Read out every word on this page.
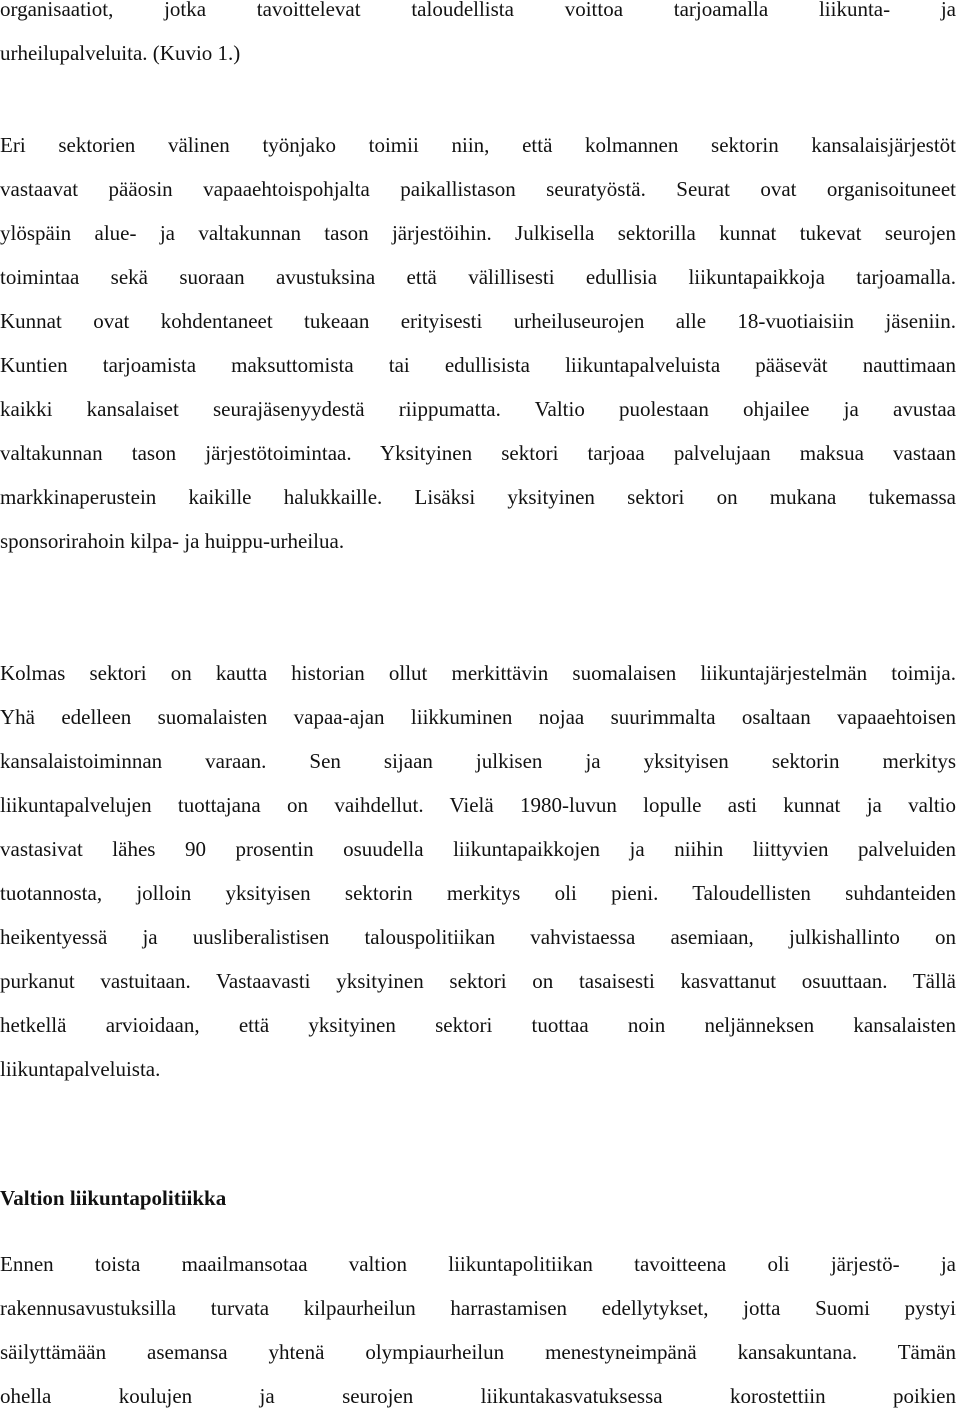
organisaatiot, jotka tavoittelevat taloudellista voittoa tarjoamalla liikunta- ja
urheilupalveluita. (Kuvio 1.)
Eri sektorien välinen työnjako toimii niin, että kolmannen sektorin kansalaisjärjestöt
vastaavat pääosin vapaaehtoispohjalta paikallistason seuratyöstä. Seurat ovat organisoituneet
ylöspäin alue- ja valtakunnan tason järjestöihin. Julkisella sektorilla kunnat tukevat seurojen
toimintaa sekä suoraan avustuksina että välillisesti edullisia liikuntapaikkoja tarjoamalla.
Kunnat ovat kohdentaneet tukeaan erityisesti urheiluseurojen alle 18-vuotiaisiin jäseniin.
Kuntien tarjoamista maksuttomista tai edullisista liikuntapalveluista pääsevät nauttimaan
kaikki kansalaiset seurajäsenyydestä riippumatta. Valtio puolestaan ohjailee ja avustaa
valtakunnan tason järjestötoimintaa. Yksityinen sektori tarjoaa palvelujaan maksua vastaan
markkinaperustein kaikille halukkaille. Lisäksi yksityinen sektori on mukana tukemassa
sponsorirahoin kilpa- ja huippu-urheilua.
Kolmas sektori on kautta historian ollut merkittävin suomalaisen liikuntajärjestelmän toimija.
Yhä edelleen suomalaisten vapaa-ajan liikkuminen nojaa suurimmalta osaltaan vapaaehtoisen
kansalaistoiminnan varaan. Sen sijaan julkisen ja yksityisen sektorin merkitys
liikuntapalvelujen tuottajana on vaihdellut. Vielä 1980-luvun lopulle asti kunnat ja valtio
vastasivat lähes 90 prosentin osuudella liikuntapaikkojen ja niihin liittyvien palveluiden
tuotannosta, jolloin yksityisen sektorin merkitys oli pieni. Taloudellisten suhdanteiden
heikentyessä ja uusliberalistisen talouspolitiikan vahvistaessa asemiaan, julkishallinto on
purkanut vastuitaan. Vastaavasti yksityinen sektori on tasaisesti kasvattanut osuuttaan. Tällä
hetkellä arvioidaan, että yksityinen sektori tuottaa noin neljänneksen kansalaisten
liikuntapalveluista.
Valtion liikuntapolitiikka
Ennen toista maailmansotaa valtion liikuntapolitiikan tavoitteena oli järjestö- ja
rakennusavustuksilla turvata kilpaurheilun harrastamisen edellytykset, jotta Suomi pystyi
säilyttämään asemansa yhtenä olympiaurheilun menestyneimpänä kansakuntana. Tämän
ohella koulujen ja seurojen liikuntakasvatuksessa korostettiin poikien
